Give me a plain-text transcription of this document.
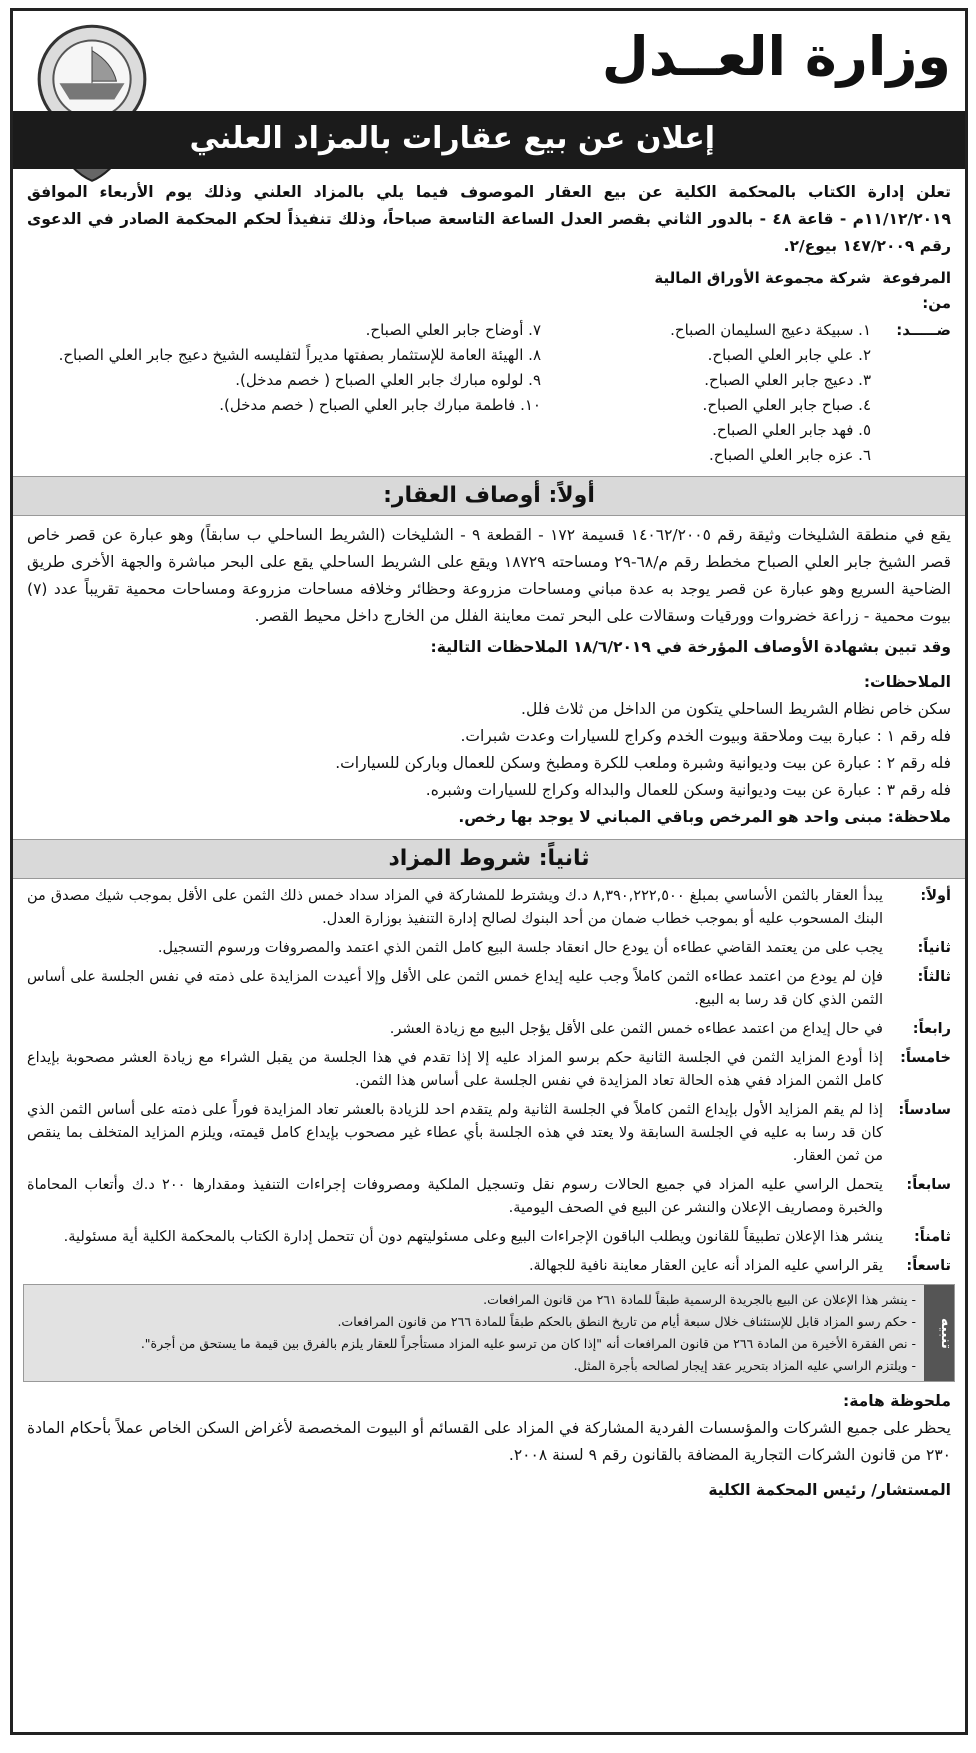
وزارة العــدل
إعلان عن بيع عقارات بالمزاد العلني

تعلن إدارة الكتاب بالمحكمة الكلية عن بيع العقار الموصوف فيما يلي بالمزاد العلني وذلك يوم الأربعاء الموافق ١١/١٢/٢٠١٩م - قاعة ٤٨ - بالدور الثاني بقصر العدل الساعة التاسعة صباحاً، وذلك تنفيذاً لحكم المحكمة الصادر في الدعوى رقم ١٤٧/٢٠٠٩ بيوع/٢.

المرفوعة من:
شركة مجموعة الأوراق المالية
ضـــــد:
١. سبيكة دعيج السليمان الصباح.
٢. علي جابر العلي الصباح.
٣. دعيج جابر العلي الصباح.
٤. صباح جابر العلي الصباح.
٥. فهد جابر العلي الصباح.
٦. عزه جابر العلي الصباح.
٧. أوضاح جابر العلي الصباح.
٨. الهيئة العامة للإستثمار بصفتها مديراً لتفليسه الشيخ دعيج جابر العلي الصباح.
٩. لولوه مبارك جابر العلي الصباح ( خصم مدخل).
١٠. فاطمة مبارك جابر العلي الصباح ( خصم مدخل).
أولاً: أوصاف العقار:

يقع في منطقة الشليخات وثيقة رقم ١٤٠٦٢/٢٠٠٥ قسيمة ١٧٢ - القطعة ٩ - الشليخات (الشريط الساحلي ب سابقاً) وهو عبارة عن قصر خاص قصر الشيخ جابر العلي الصباح مخطط رقم م/٦٨-٢٩ ومساحته ١٨٧٢٩ ويقع على الشريط الساحلي يقع على البحر مباشرة والجهة الأخرى طريق الضاحية السريع وهو عبارة عن قصر يوجد به عدة مباني ومساحات مزروعة وحظائر وخلافه مساحات مزروعة ومساحات محمية تقريباً عدد (٧) بيوت محمية - زراعة خضروات وورقيات وسقالات على البحر تمت معاينة الفلل من الخارج داخل محيط القصر.

وقد تبين بشهادة الأوصاف المؤرخة في ١٨/٦/٢٠١٩ الملاحظات التالية:

الملاحظات:

سكن خاص نظام الشريط الساحلي يتكون من الداخل من ثلاث فلل.

فله رقم ١ : عبارة بيت وملاحقة وبيوت الخدم وكراج للسيارات وعدت شبرات.

فله رقم ٢ : عبارة عن بيت وديوانية وشبرة وملعب للكرة ومطبخ وسكن للعمال وباركن للسيارات.

فله رقم ٣ : عبارة عن بيت وديوانية وسكن للعمال والبداله وكراج للسيارات وشبره.

ملاحظة: مبنى واحد هو المرخص وباقي المباني لا يوجد بها رخص.

ثانياً: شروط المزاد
أولاً:
يبدأ العقار بالثمن الأساسي بمبلغ ٨,٣٩٠,٢٢٢,٥٠٠ د.ك ويشترط للمشاركة في المزاد سداد خمس ذلك الثمن على الأقل بموجب شيك مصدق من البنك المسحوب عليه أو بموجب خطاب ضمان من أحد البنوك لصالح إدارة التنفيذ بوزارة العدل.
ثانياً:
يجب على من يعتمد القاضي عطاءه أن يودع حال انعقاد جلسة البيع كامل الثمن الذي اعتمد والمصروفات ورسوم التسجيل.
ثالثاً:
فإن لم يودع من اعتمد عطاءه الثمن كاملاً وجب عليه إيداع خمس الثمن على الأقل وإلا أعيدت المزايدة على ذمته في نفس الجلسة على أساس الثمن الذي كان قد رسا به البيع.
رابعاً:
في حال إيداع من اعتمد عطاءه خمس الثمن على الأقل يؤجل البيع مع زيادة العشر.
خامساً:
إذا أودع المزايد الثمن في الجلسة الثانية حكم برسو المزاد عليه إلا إذا تقدم في هذا الجلسة من يقبل الشراء مع زيادة العشر مصحوبة بإيداع كامل الثمن المزاد ففي هذه الحالة تعاد المزايدة في نفس الجلسة على أساس هذا الثمن.
سادساً:
إذا لم يقم المزايد الأول بإيداع الثمن كاملاً في الجلسة الثانية ولم يتقدم احد للزيادة بالعشر تعاد المزايدة فوراً على ذمته على أساس الثمن الذي كان قد رسا به عليه في الجلسة السابقة ولا يعتد في هذه الجلسة بأي عطاء غير مصحوب بإيداع كامل قيمته، ويلزم المزايد المتخلف بما ينقص من ثمن العقار.
سابعاً:
يتحمل الراسي عليه المزاد في جميع الحالات رسوم نقل وتسجيل الملكية ومصروفات إجراءات التنفيذ ومقدارها ٢٠٠ د.ك وأتعاب المحاماة والخبرة ومصاريف الإعلان والنشر عن البيع في الصحف اليومية.
ثامناً:
ينشر هذا الإعلان تطبيقاً للقانون ويطلب الباقون الإجراءات البيع وعلى مسئوليتهم دون أن تتحمل إدارة الكتاب بالمحكمة الكلية أية مسئولية.
تاسعاً:
يقر الراسي عليه المزاد أنه عاين العقار معاينة نافية للجهالة.
تنبيه
- ينشر هذا الإعلان عن البيع بالجريدة الرسمية طبقاً للمادة ٢٦١ من قانون المرافعات.
- حكم رسو المزاد قابل للإستئناف خلال سبعة أيام من تاريخ النطق بالحكم طبقاً للمادة ٢٦٦ من قانون المرافعات.
- نص الفقرة الأخيرة من المادة ٢٦٦ من قانون المرافعات أنه "إذا كان من ترسو عليه المزاد مستأجراً للعقار يلزم بالفرق بين قيمة ما يستحق من أجرة".
- ويلتزم الراسي عليه المزاد بتحرير عقد إيجار لصالحه بأجرة المثل.

ملحوظة هامة:

يحظر على جميع الشركات والمؤسسات الفردية المشاركة في المزاد على القسائم أو البيوت المخصصة لأغراض السكن الخاص عملاً بأحكام المادة ٢٣٠ من قانون الشركات التجارية المضافة بالقانون رقم ٩ لسنة ٢٠٠٨.

المستشار/ رئيس المحكمة الكلية
